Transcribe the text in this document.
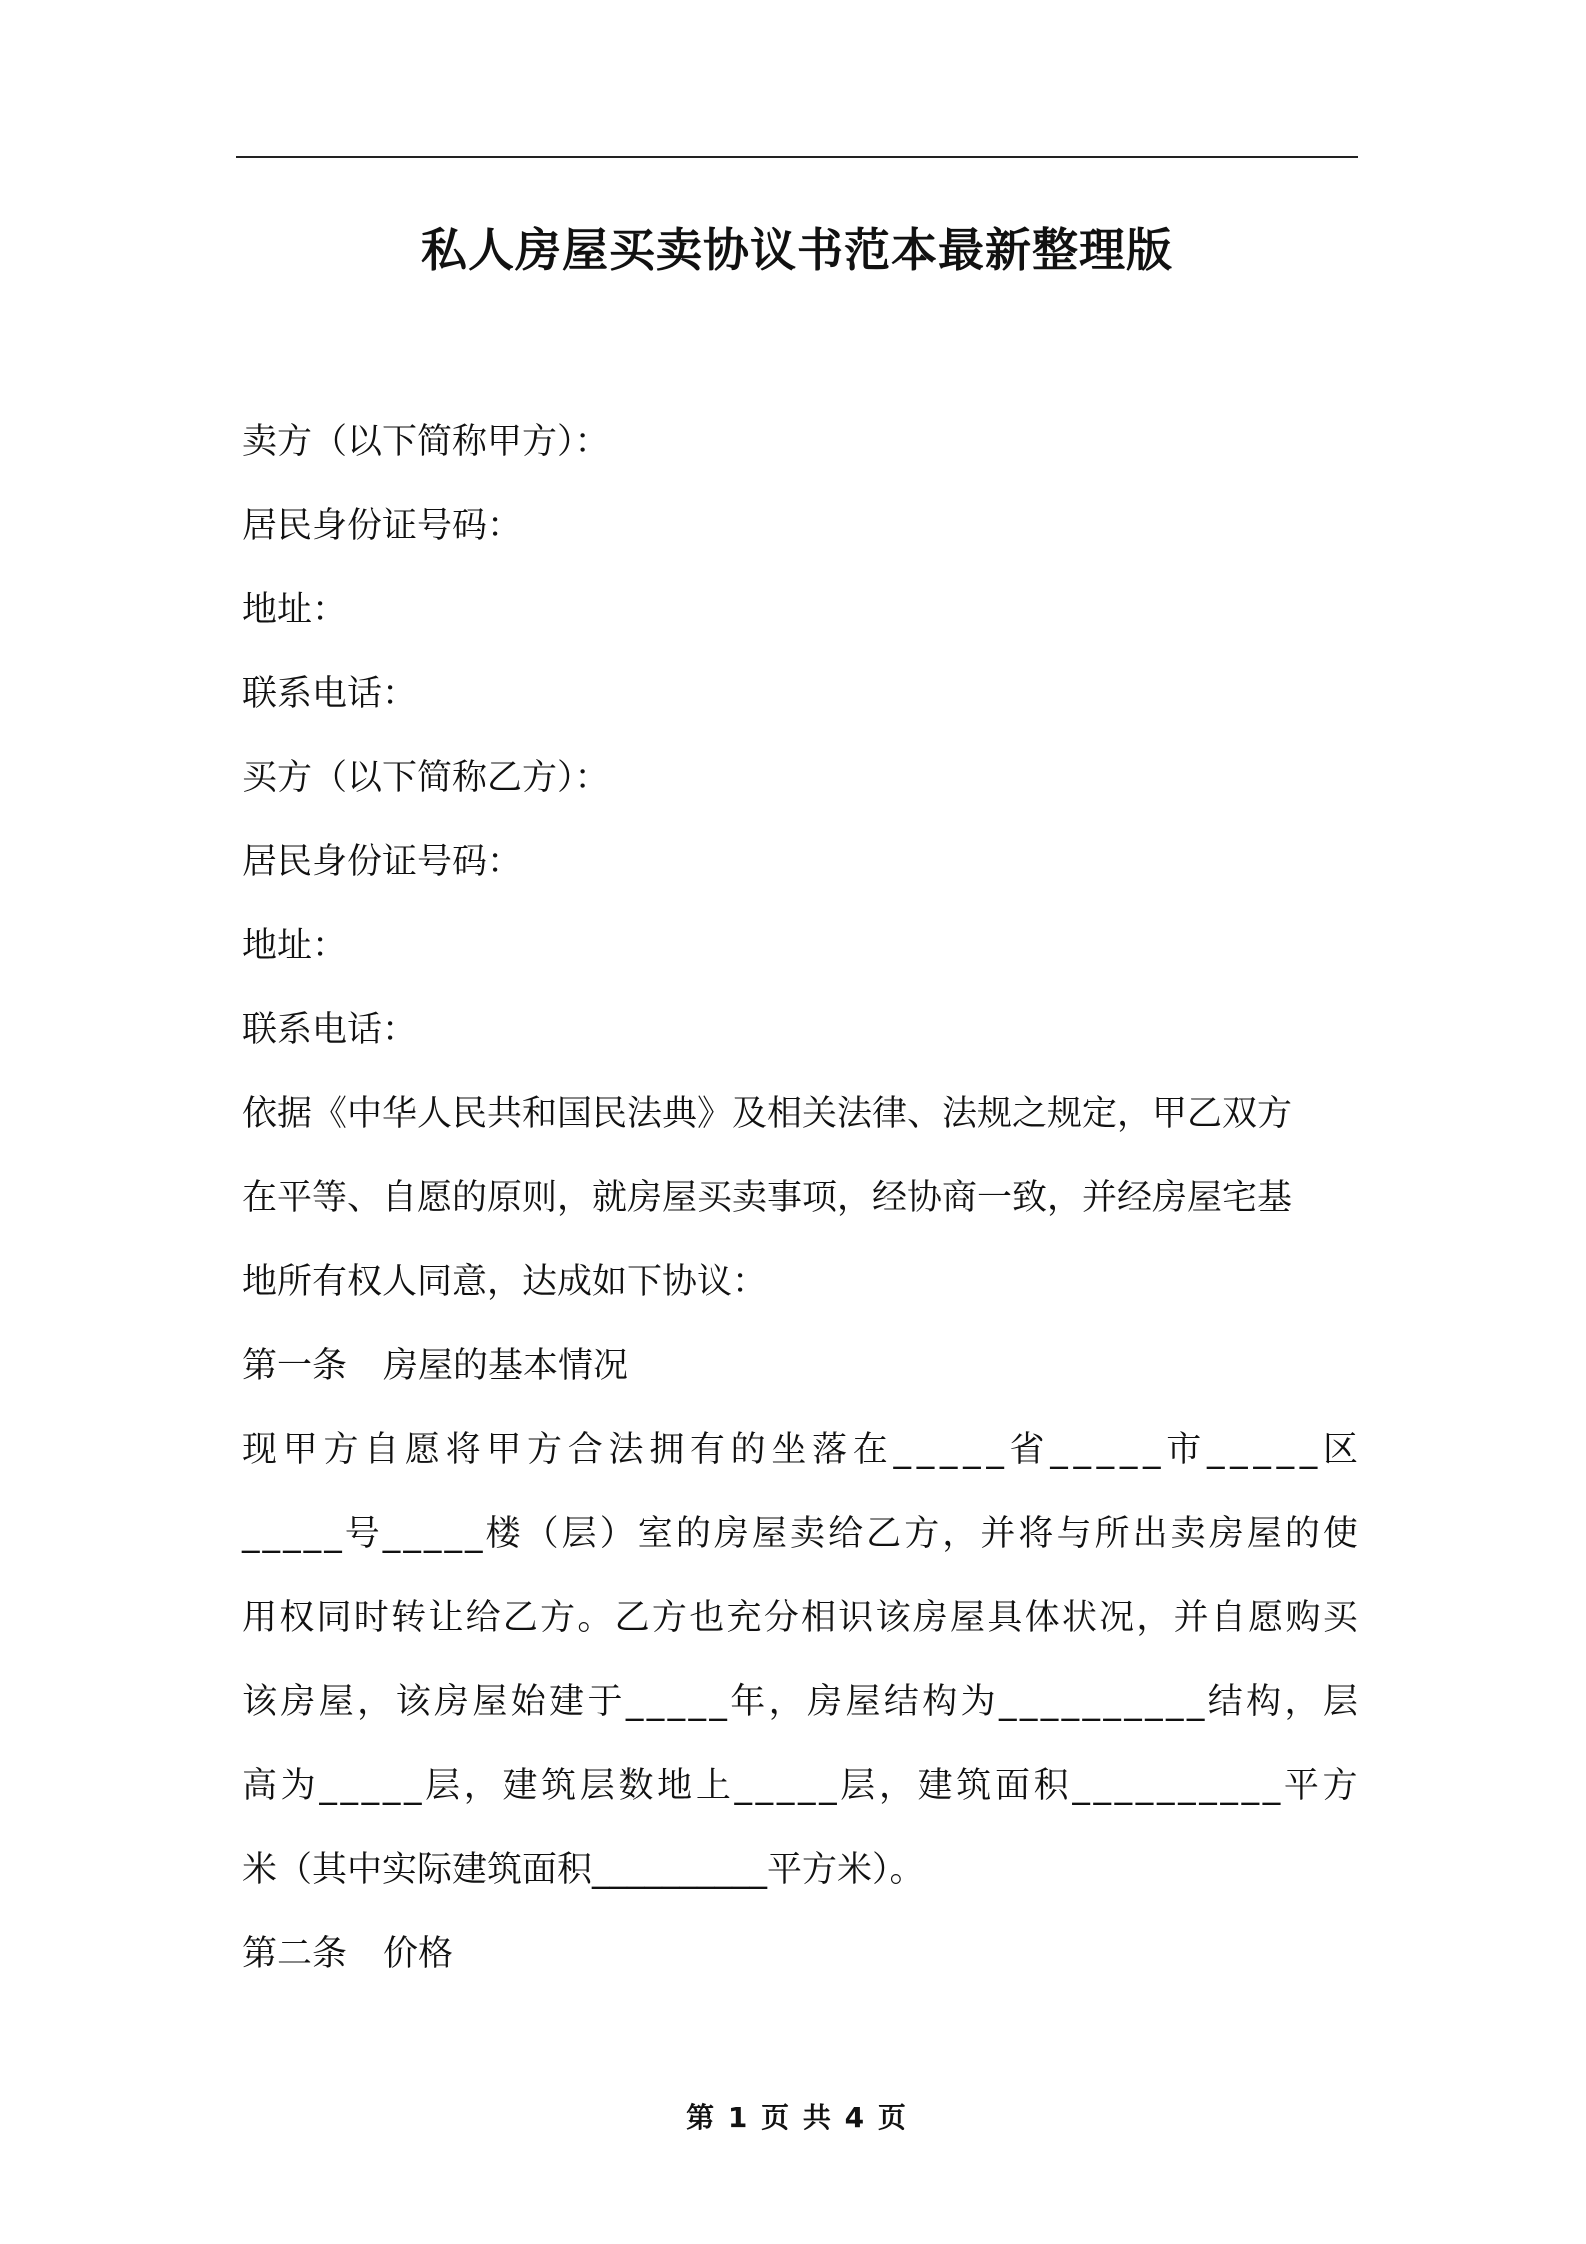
私人房屋买卖协议书范本最新整理版

卖方（以下简称甲方）：

居民身份证号码：

地址：

联系电话：

买方（以下简称乙方）：

居民身份证号码：

地址：

联系电话：

依据《中华人民共和国民法典》及相关法律、法规之规定，甲乙双方

在平等、自愿的原则，就房屋买卖事项，经协商一致，并经房屋宅基

地所有权人同意，达成如下协议：

第一条 房屋的基本情况

现 甲 方 自 愿 将 甲 方 合 法 拥 有 的 坐 落 在 _ _ _ _ _ 省 _ _ _ _ _ 市 _ _ _ _ _ 区

_ _ _ _ _ 号 _ _ _ _ _ 楼 （ 层 ） 室 的 房 屋 卖 给 乙 方 ， 并 将 与 所 出 卖 房 屋 的 使

用 权 同 时 转 让 给 乙 方 。 乙 方 也 充 分 相 识 该 房 屋 具 体 状 况 ， 并 自 愿 购 买

该 房 屋 ， 该 房 屋 始 建 于 _ _ _ _ _ 年 ， 房 屋 结 构 为 _ _ _ _ _ _ _ _ _ _ 结 构 ， 层

高 为 _ _ _ _ _ 层 ， 建 筑 层 数 地 上 _ _ _ _ _ 层 ， 建 筑 面 积 _ _ _ _ _ _ _ _ _ _ 平 方

米（其中实际建筑面积__________平方米）。

第二条 价格

第 1 页 共 4 页
